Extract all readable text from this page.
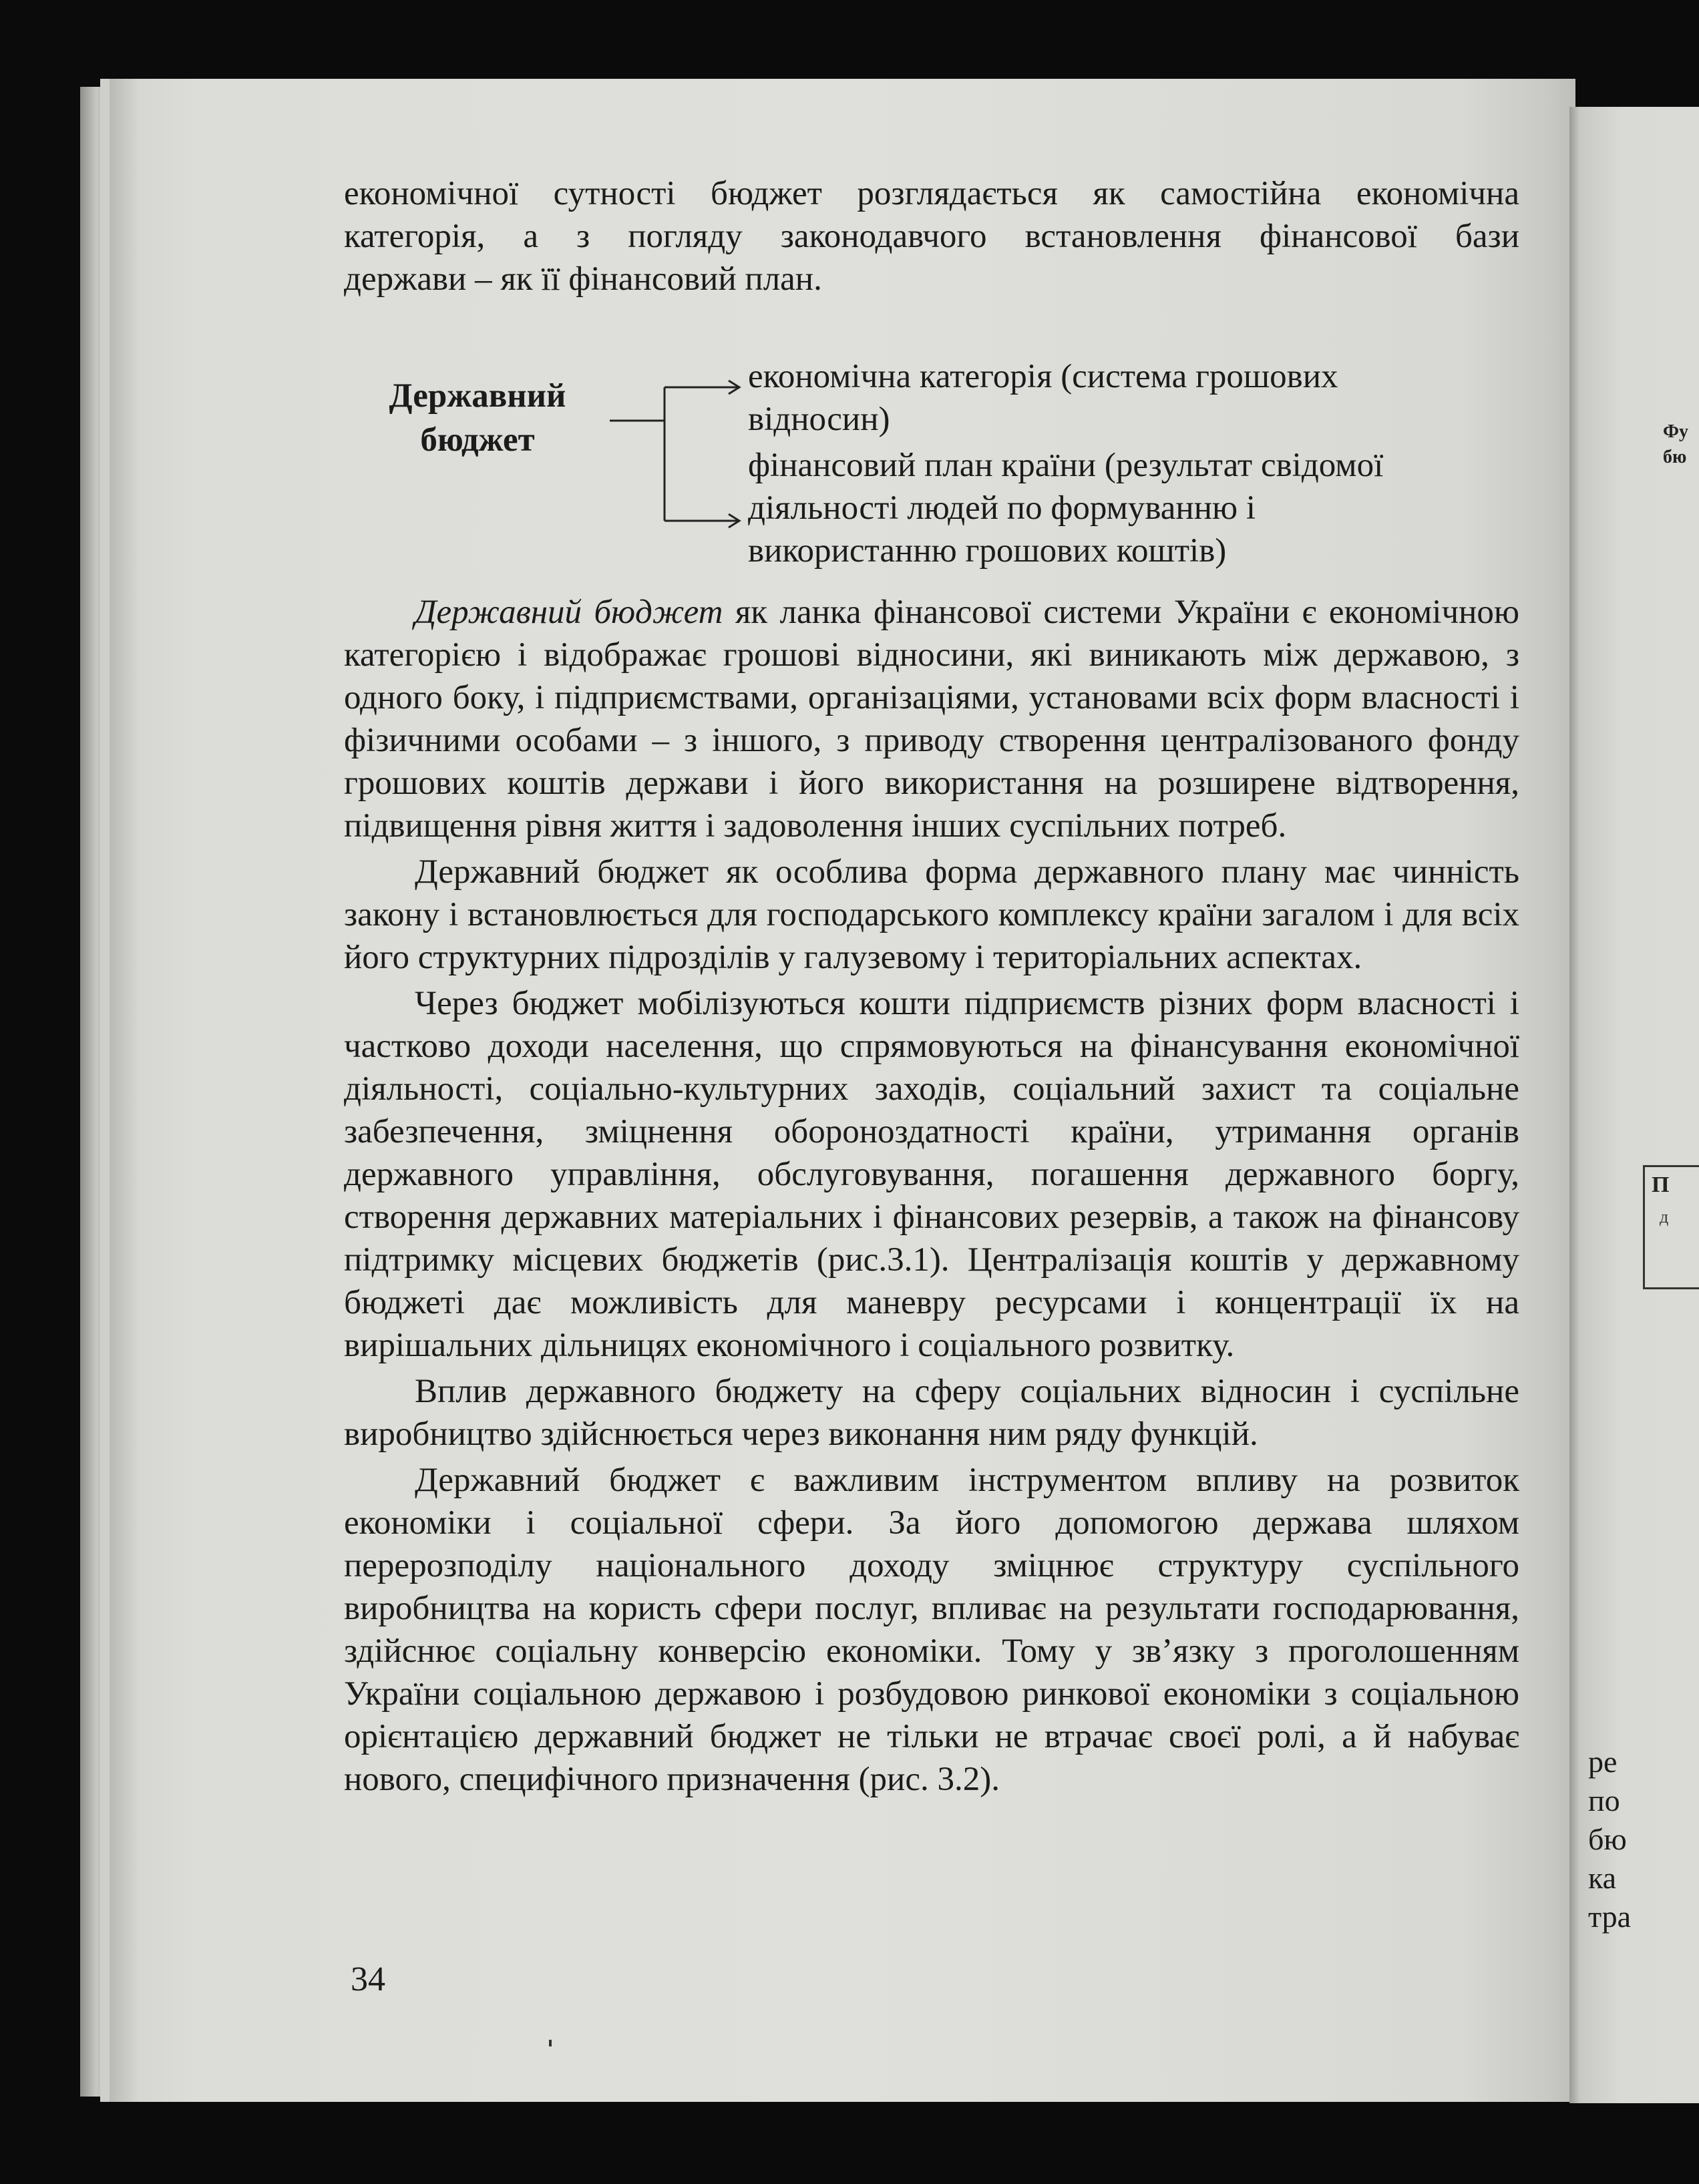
Фу
бю
П
д
ре
по
бю
ка
тра
економічної сутності бюджет розглядається як самостійна економічна
категорія, а з погляду законодавчого встановлення фінансової бази
держави – як її фінансовий план.
Державний
бюджет
економічна категорія (система грошових
відносин)
фінансовий план країни (результат свідомої
діяльності людей по формуванню і
використанню грошових коштів)

Державний бюджет як ланка фінансової системи України є економічною категорією і відображає грошові відносини, які виникають між державою, з одного боку, і підприємствами, організаціями, установами всіх форм власності і фізичними особами – з іншого, з приводу створення централізованого фонду грошових коштів держави і його використання на розширене відтворення, підвищення рівня життя і задоволення інших суспільних потреб.

Державний бюджет як особлива форма державного плану має чинність закону і встановлюється для господарського комплексу країни загалом і для всіх його структурних підрозділів у галузевому і територіальних аспектах.

Через бюджет мобілізуються кошти підприємств різних форм власності і частково доходи населення, що спрямовуються на фінансування економічної діяльності, соціально-культурних заходів, соціальний захист та соціальне забезпечення, зміцнення обороноздатності країни, утримання органів державного управління, обслуговування, погашення державного боргу, створення державних матеріальних і фінансових резервів, а також на фінансову підтримку місцевих бюджетів (рис.3.1). Централізація коштів у державному бюджеті дає можливість для маневру ресурсами і концентрації їх на вирішальних дільницях економічного і соціального розвитку.

Вплив державного бюджету на сферу соціальних відносин і суспільне виробництво здійснюється через виконання ним ряду функцій.

Державний бюджет є важливим інструментом впливу на розвиток економіки і соціальної сфери. За його допомогою держава шляхом перерозподілу національного доходу зміцнює структуру суспільного виробництва на користь сфери послуг, впливає на результати господарювання, здійснює соціальну конверсію економіки. Тому у зв’язку з проголошенням України соціальною державою і розбудовою ринкової економіки з соціальною орієнтацією державний бюджет не тільки не втрачає своєї ролі, а й набуває нового, специфічного призначення (рис. 3.2).

34
